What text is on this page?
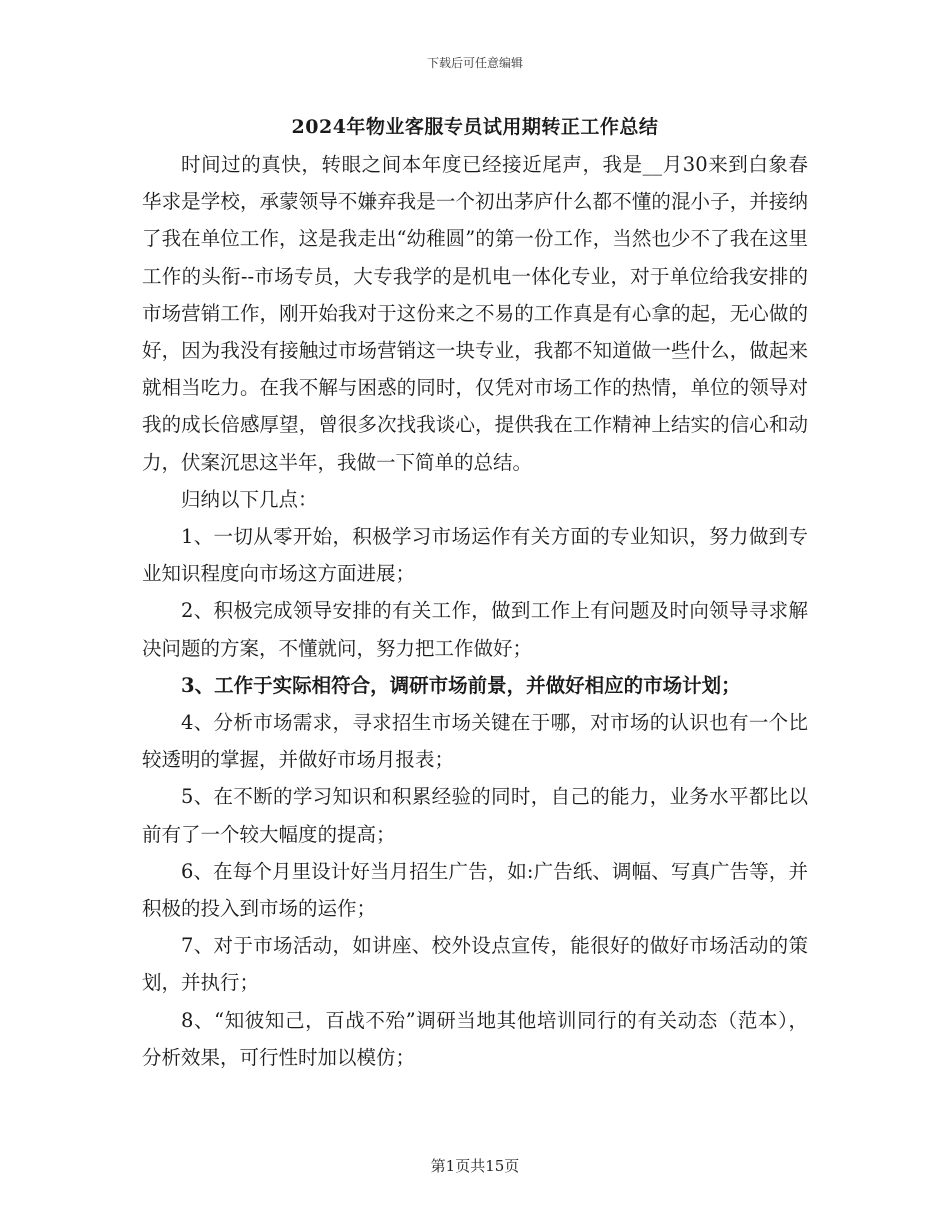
下载后可任意编辑
2024年物业客服专员试用期转正工作总结

时间过的真快，转眼之间本年度已经接近尾声，我是__月30来到白象春华求是学校，承蒙领导不嫌弃我是一个初出茅庐什么都不懂的混小子，并接纳了我在单位工作，这是我走出“幼稚圆”的第一份工作，当然也少不了我在这里工作的头衔--市场专员，大专我学的是机电一体化专业，对于单位给我安排的市场营销工作，刚开始我对于这份来之不易的工作真是有心拿的起，无心做的好，因为我没有接触过市场营销这一块专业，我都不知道做一些什么，做起来就相当吃力。在我不解与困惑的同时，仅凭对市场工作的热情，单位的领导对我的成长倍感厚望，曾很多次找我谈心，提供我在工作精神上结实的信心和动力，伏案沉思这半年，我做一下简单的总结。

归纳以下几点：

1、一切从零开始，积极学习市场运作有关方面的专业知识，努力做到专业知识程度向市场这方面进展；

2、积极完成领导安排的有关工作，做到工作上有问题及时向领导寻求解决问题的方案，不懂就问，努力把工作做好；

3、工作于实际相符合，调研市场前景，并做好相应的市场计划；

4、分析市场需求，寻求招生市场关键在于哪，对市场的认识也有一个比较透明的掌握，并做好市场月报表；

5、在不断的学习知识和积累经验的同时，自己的能力，业务水平都比以前有了一个较大幅度的提高；

6、在每个月里设计好当月招生广告，如:广告纸、调幅、写真广告等，并积极的投入到市场的运作；

7、对于市场活动，如讲座、校外设点宣传，能很好的做好市场活动的策划，并执行；

8、“知彼知己，百战不殆”调研当地其他培训同行的有关动态（范本），分析效果，可行性时加以模仿；

第1页共15页
